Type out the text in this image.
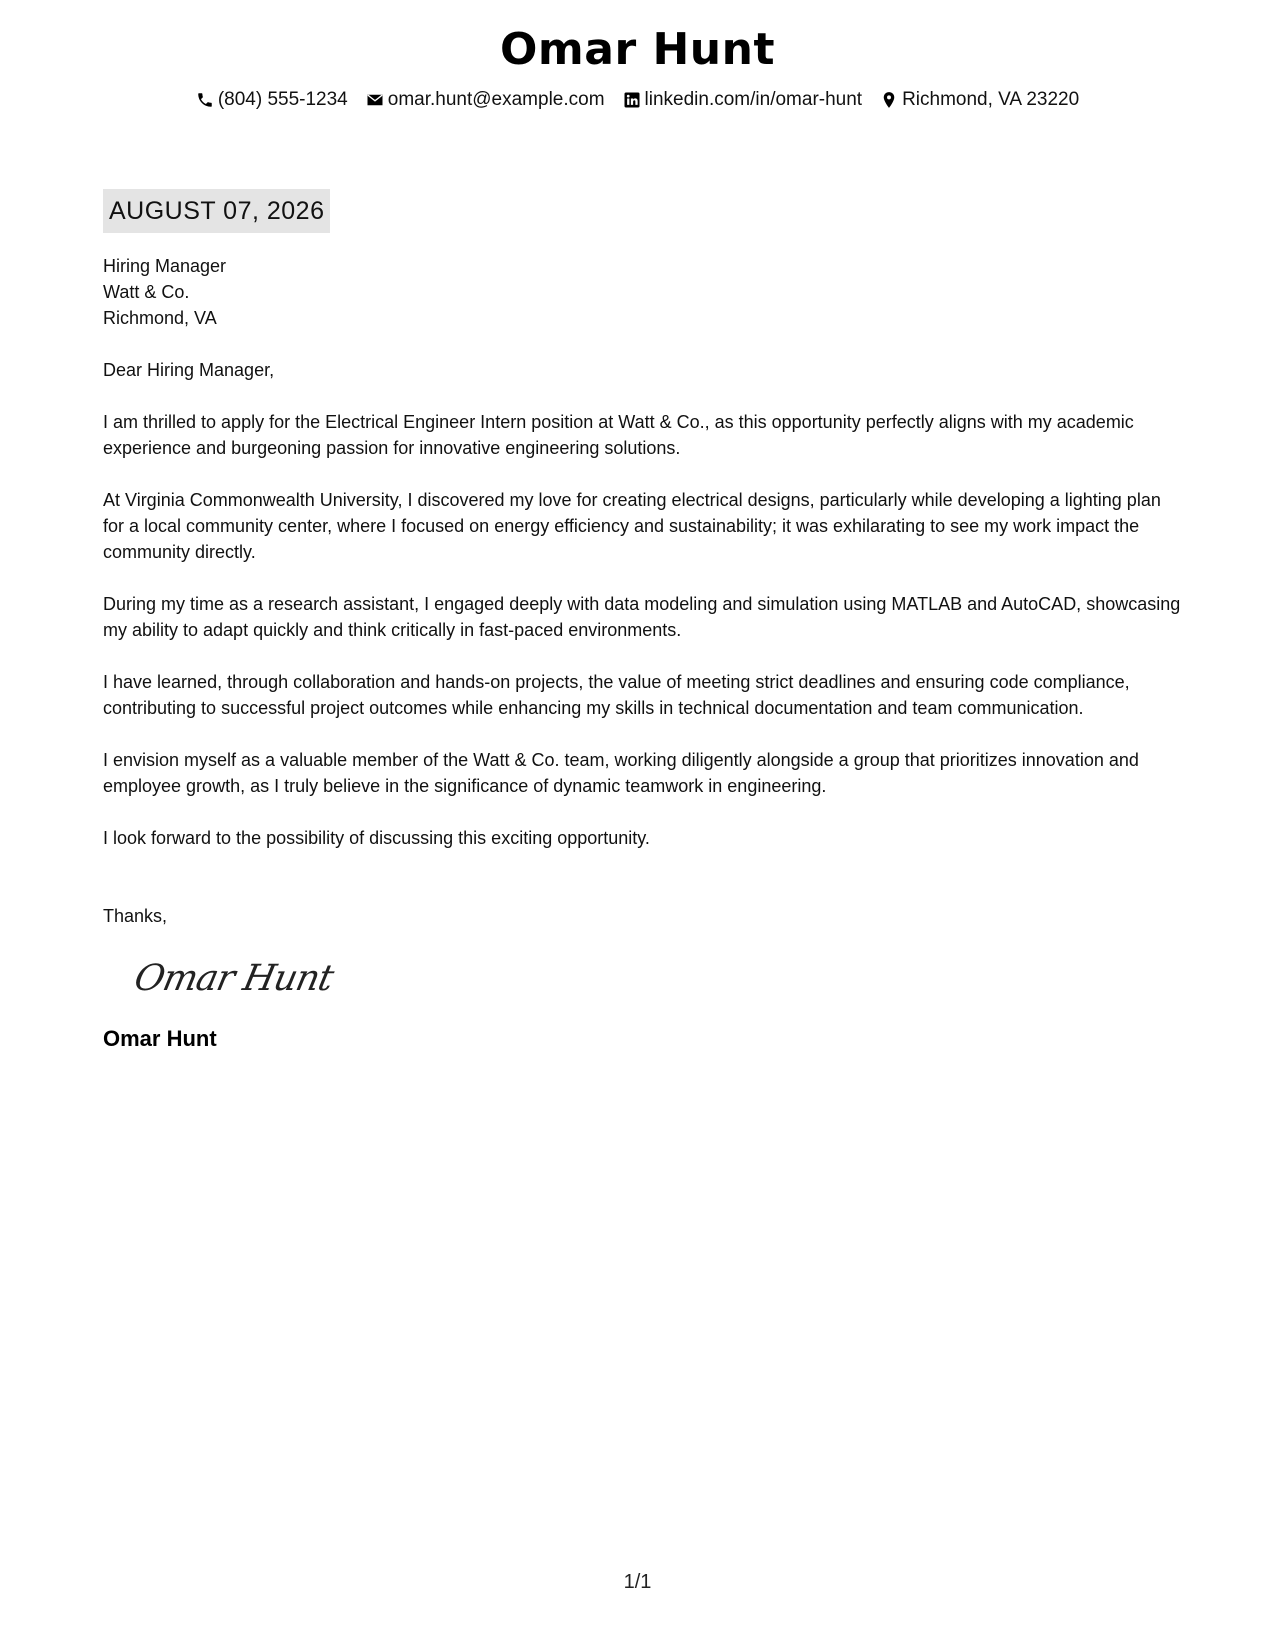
Omar Hunt
(804) 555-1234 omar.hunt@example.com linkedin.com/in/omar-hunt Richmond, VA 23220
AUGUST 07, 2026
Hiring Manager
Watt & Co.
Richmond, VA
Dear Hiring Manager,
I am thrilled to apply for the Electrical Engineer Intern position at Watt & Co., as this opportunity perfectly aligns with my academic experience and burgeoning passion for innovative engineering solutions.
At Virginia Commonwealth University, I discovered my love for creating electrical designs, particularly while developing a lighting plan for a local community center, where I focused on energy efficiency and sustainability; it was exhilarating to see my work impact the community directly.
During my time as a research assistant, I engaged deeply with data modeling and simulation using MATLAB and AutoCAD, showcasing my ability to adapt quickly and think critically in fast-paced environments.
I have learned, through collaboration and hands-on projects, the value of meeting strict deadlines and ensuring code compliance, contributing to successful project outcomes while enhancing my skills in technical documentation and team communication.
I envision myself as a valuable member of the Watt & Co. team, working diligently alongside a group that prioritizes innovation and employee growth, as I truly believe in the significance of dynamic teamwork in engineering.
I look forward to the possibility of discussing this exciting opportunity.
Thanks,
Omar Hunt
Omar Hunt
1/1
